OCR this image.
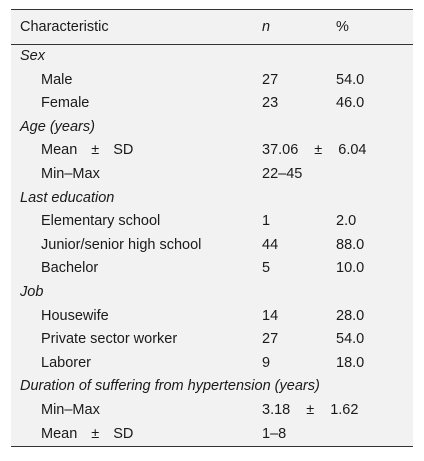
Characteristic	n	%
Sex
Male	27	54.0
Female	23	46.0
Age (years)
Mean ± SD	37.06 ± 6.04
Min–Max	22–45
Last education
Elementary school	1	2.0
Junior/senior high school	44	88.0
Bachelor	5	10.0
Job
Housewife	14	28.0
Private sector worker	27	54.0
Laborer	9	18.0
Duration of suffering from hypertension (years)
Min–Max	3.18 ± 1.62
Mean ± SD	1–8
